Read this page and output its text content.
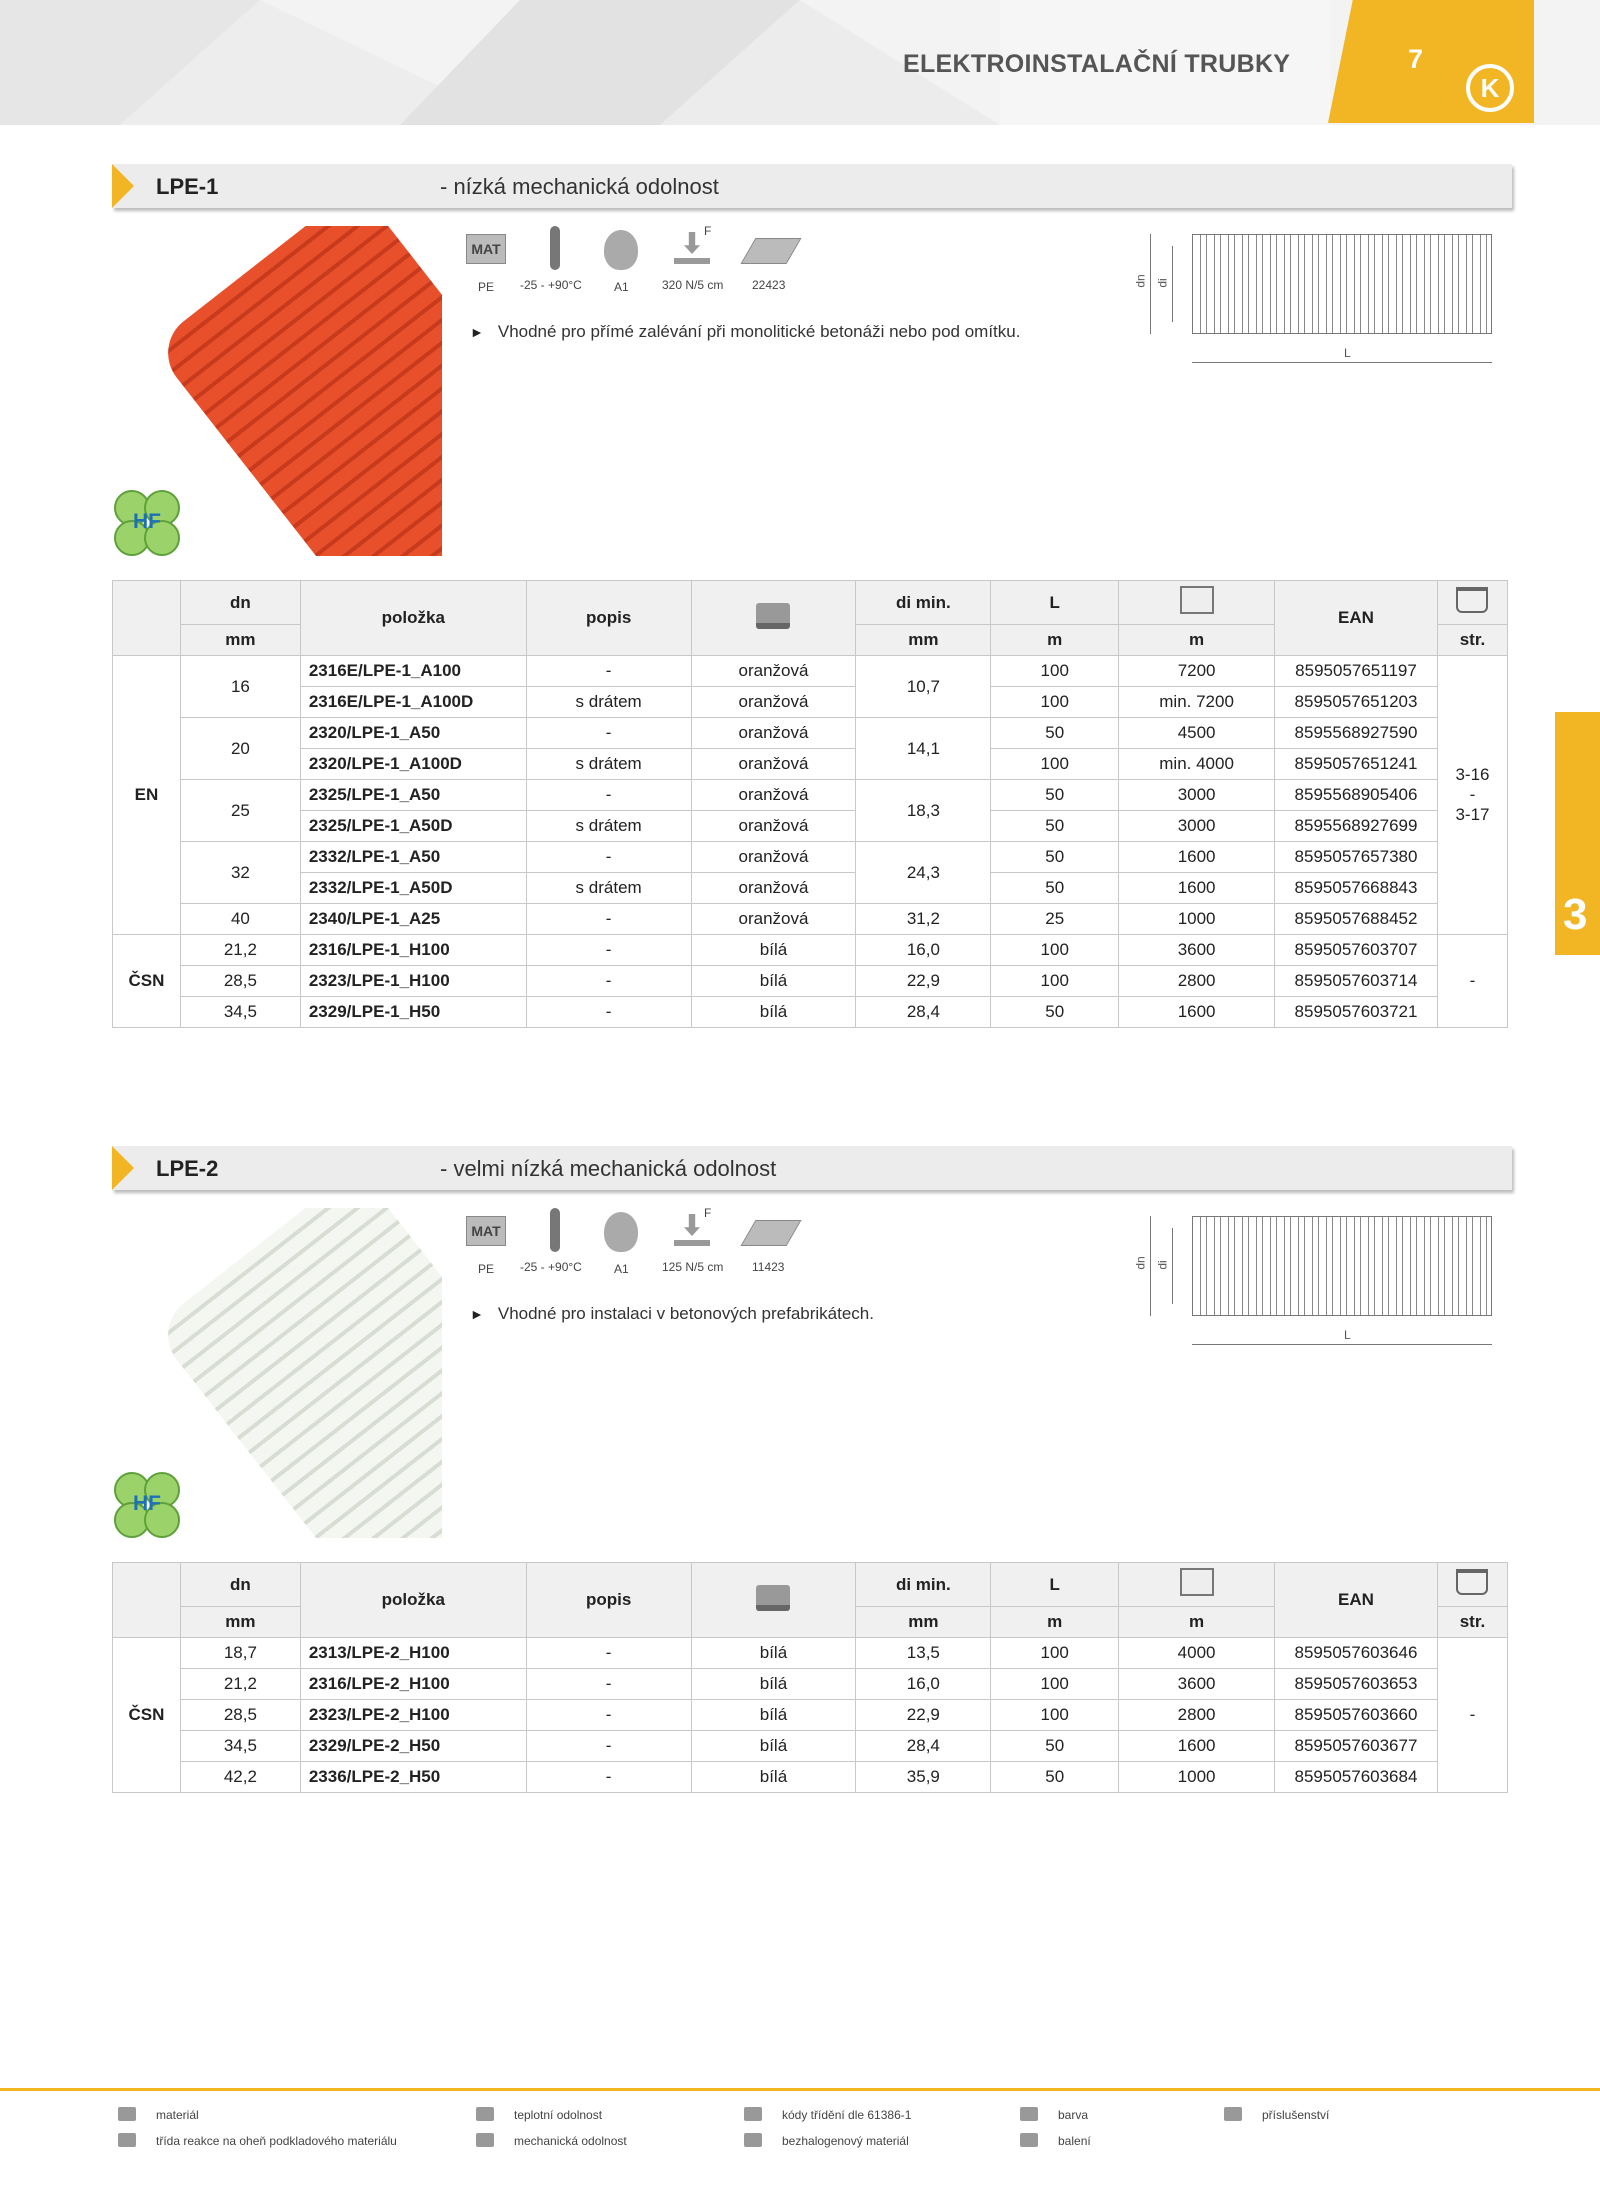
ELEKTROINSTALAČNÍ TRUBKY	7
K
3
LPE-1	- nízká mechanická odolnost
HF
MAT
F
PE -25 - +90°C	A1	320 N/5 cm 22423
► Vhodné pro přímé zalévání při monolitické betonáži nebo pod omítku.
dn di
L
	dn	položka	popis		di min.	L		EAN	
	mm				mm	m	m		str.
EN	16	2316E/LPE-1_A100	-	oranžová	10,7	100	7200	8595057651197	3-16
-
3-17
		2316E/LPE-1_A100D	s drátem	oranžová		100	min. 7200	8595057651203	
	20	2320/LPE-1_A50	-	oranžová	14,1	50	4500	8595568927590	
		2320/LPE-1_A100D	s drátem	oranžová		100	min. 4000	8595057651241	
	25	2325/LPE-1_A50	-	oranžová	18,3	50	3000	8595568905406	
		2325/LPE-1_A50D	s drátem	oranžová		50	3000	8595568927699	
	32	2332/LPE-1_A50	-	oranžová	24,3	50	1600	8595057657380	
		2332/LPE-1_A50D	s drátem	oranžová		50	1600	8595057668843	
	40	2340/LPE-1_A25	-	oranžová	31,2	25	1000	8595057688452	
ČSN	21,2	2316/LPE-1_H100	-	bílá	16,0	100	3600	8595057603707	-
	28,5	2323/LPE-1_H100	-	bílá	22,9	100	2800	8595057603714	
	34,5	2329/LPE-1_H50	-	bílá	28,4	50	1600	8595057603721	
LPE-2	- velmi nízká mechanická odolnost
HF
MAT
F
PE -25 - +90°C	A1	125 N/5 cm 11423
► Vhodné pro instalaci v betonových prefabrikátech.
dn di
L
	dn	položka	popis		di min.	L		EAN	
	mm				mm	m	m		str.
ČSN	18,7	2313/LPE-2_H100	-	bílá	13,5	100	4000	8595057603646	-
	21,2	2316/LPE-2_H100	-	bílá	16,0	100	3600	8595057603653	
	28,5	2323/LPE-2_H100	-	bílá	22,9	100	2800	8595057603660	
	34,5	2329/LPE-2_H50	-	bílá	28,4	50	1600	8595057603677	
	42,2	2336/LPE-2_H50	-	bílá	35,9	50	1000	8595057603684	
materiál
třída reakce na oheň podkladového materiálu
teplotní odolnost
mechanická odolnost
kódy třídění dle 61386-1
bezhalogenový materiál
barva
balení
příslušenství
